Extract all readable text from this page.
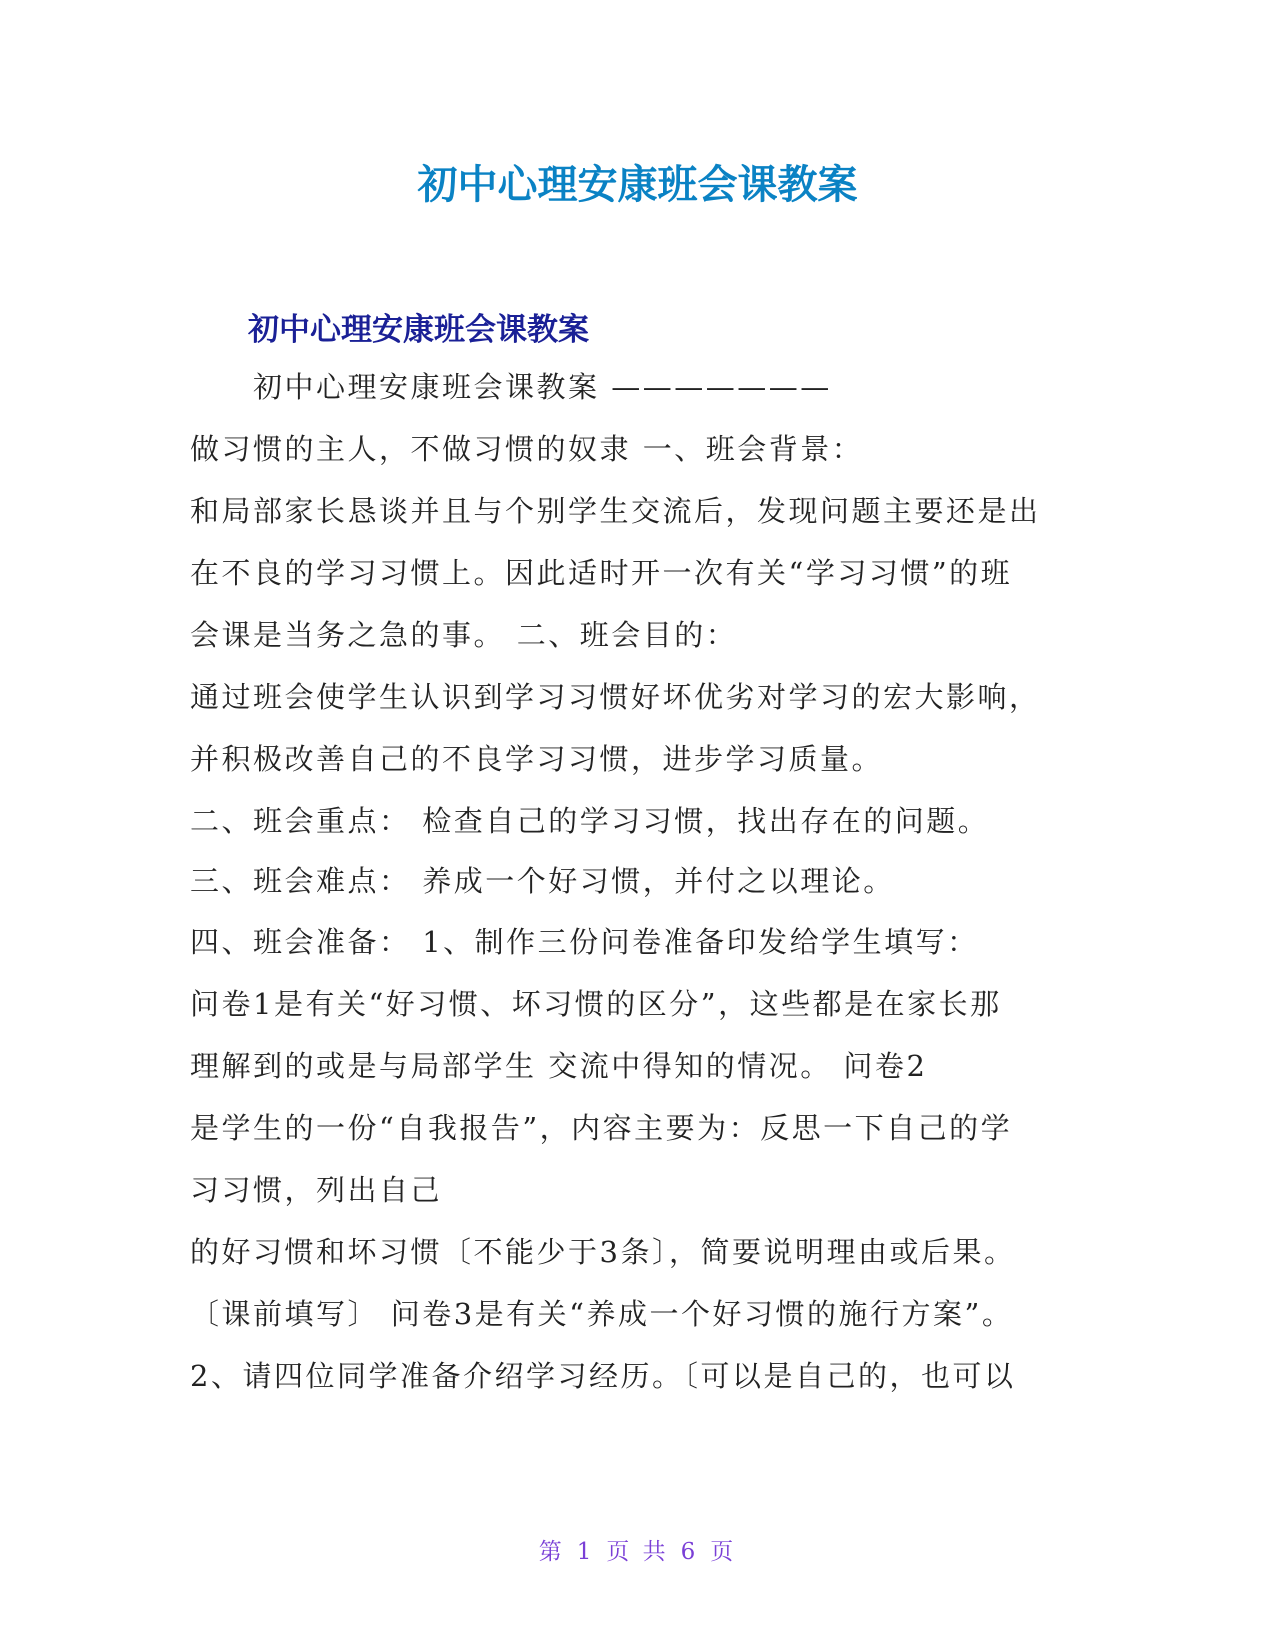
初中心理安康班会课教案
初中心理安康班会课教案
　　初中心理安康班会课教案 ———————
做习惯的主人，不做习惯的奴隶 一、班会背景：
和局部家长恳谈并且与个别学生交流后，发现问题主要还是出
在不良的学习习惯上。因此适时开一次有关“学习习惯”的班
会课是当务之急的事。 二、班会目的：
通过班会使学生认识到学习习惯好坏优劣对学习的宏大影响，
并积极改善自己的不良学习习惯，进步学习质量。
二、班会重点： 检查自己的学习习惯，找出存在的问题。
三、班会难点： 养成一个好习惯，并付之以理论。
四、班会准备： 1、制作三份问卷准备印发给学生填写：
问卷1是有关“好习惯、坏习惯的区分”，这些都是在家长那
理解到的或是与局部学生 交流中得知的情况。 问卷2
是学生的一份“自我报告”，内容主要为：反思一下自己的学
习习惯，列出自己
的好习惯和坏习惯〔不能少于3条〕，简要说明理由或后果。
〔课前填写〕 问卷3是有关“养成一个好习惯的施行方案”。
2、请四位同学准备介绍学习经历。〔可以是自己的，也可以
第 1 页 共 6 页
